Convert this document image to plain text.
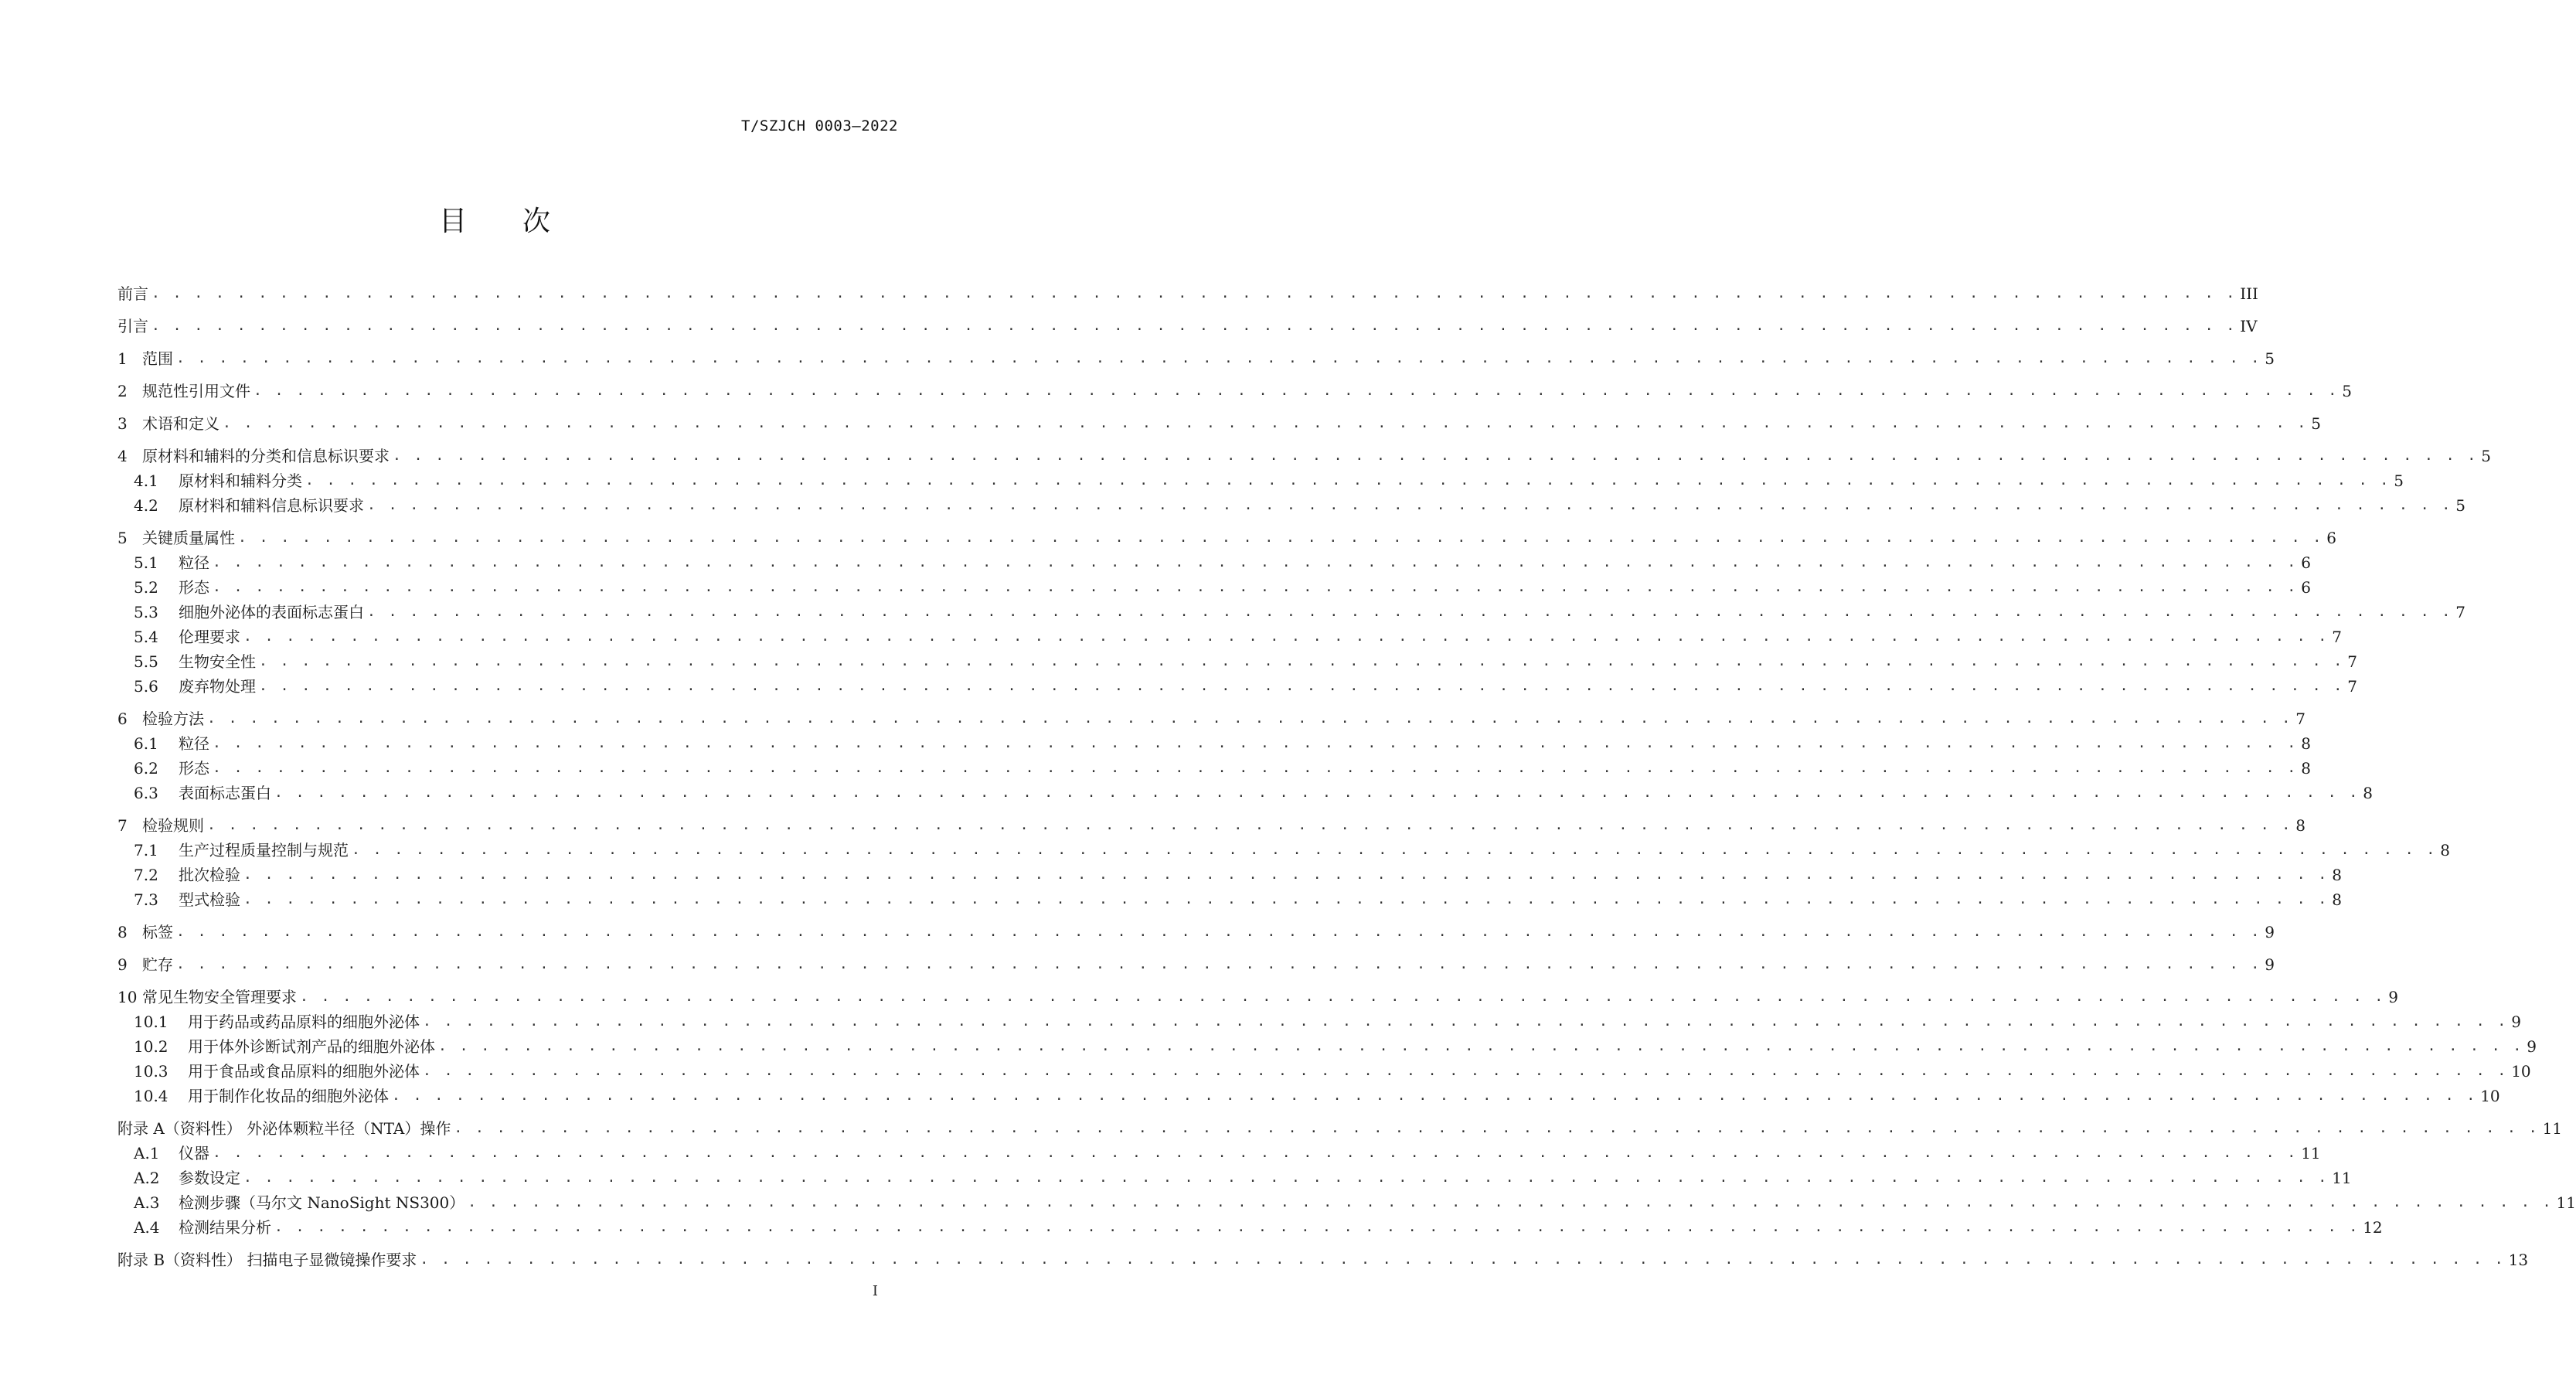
T/SZJCH 0003—2022
目次
前言 . . . . . . . . . . . . . . . . . . . . . . . . . . . . . . . . . . . . . . . . . . . . . . . . . . . . . . . . . . . . . . . . . . . . . . . . . . . . . . . . . . . . . . . . . . . . . . . . . . III
引言 . . . . . . . . . . . . . . . . . . . . . . . . . . . . . . . . . . . . . . . . . . . . . . . . . . . . . . . . . . . . . . . . . . . . . . . . . . . . . . . . . . . . . . . . . . . . . . . . . . IV
1 范围 . . . . . . . . . . . . . . . . . . . . . . . . . . . . . . . . . . . . . . . . . . . . . . . . . . . . . . . . . . . . . . . . . . . . . . . . . . . . . . . . . . . . . . . . . . . . . . . . . . 5
2 规范性引用文件 . . . . . . . . . . . . . . . . . . . . . . . . . . . . . . . . . . . . . . . . . . . . . . . . . . . . . . . . . . . . . . . . . . . . . . . . . . . . . . . . . . . . . . . . . . . . . . . . . . 5
3 术语和定义 . . . . . . . . . . . . . . . . . . . . . . . . . . . . . . . . . . . . . . . . . . . . . . . . . . . . . . . . . . . . . . . . . . . . . . . . . . . . . . . . . . . . . . . . . . . . . . . . . . 5
4 原材料和辅料的分类和信息标识要求 . . . . . . . . . . . . . . . . . . . . . . . . . . . . . . . . . . . . . . . . . . . . . . . . . . . . . . . . . . . . . . . . . . . . . . . . . . . . . . . . . . . . . . . . . . . . . . . . . . 5
4.1	原材料和辅料分类 . . . . . . . . . . . . . . . . . . . . . . . . . . . . . . . . . . . . . . . . . . . . . . . . . . . . . . . . . . . . . . . . . . . . . . . . . . . . . . . . . . . . . . . . . . . . . . . . . . 5
4.2	原材料和辅料信息标识要求 . . . . . . . . . . . . . . . . . . . . . . . . . . . . . . . . . . . . . . . . . . . . . . . . . . . . . . . . . . . . . . . . . . . . . . . . . . . . . . . . . . . . . . . . . . . . . . . . . . 5
5 关键质量属性 . . . . . . . . . . . . . . . . . . . . . . . . . . . . . . . . . . . . . . . . . . . . . . . . . . . . . . . . . . . . . . . . . . . . . . . . . . . . . . . . . . . . . . . . . . . . . . . . . . 6
5.1	粒径 . . . . . . . . . . . . . . . . . . . . . . . . . . . . . . . . . . . . . . . . . . . . . . . . . . . . . . . . . . . . . . . . . . . . . . . . . . . . . . . . . . . . . . . . . . . . . . . . . . 6
5.2	形态 . . . . . . . . . . . . . . . . . . . . . . . . . . . . . . . . . . . . . . . . . . . . . . . . . . . . . . . . . . . . . . . . . . . . . . . . . . . . . . . . . . . . . . . . . . . . . . . . . . 6
5.3	细胞外泌体的表面标志蛋白 . . . . . . . . . . . . . . . . . . . . . . . . . . . . . . . . . . . . . . . . . . . . . . . . . . . . . . . . . . . . . . . . . . . . . . . . . . . . . . . . . . . . . . . . . . . . . . . . . . 7
5.4	伦理要求 . . . . . . . . . . . . . . . . . . . . . . . . . . . . . . . . . . . . . . . . . . . . . . . . . . . . . . . . . . . . . . . . . . . . . . . . . . . . . . . . . . . . . . . . . . . . . . . . . . 7
5.5	生物安全性 . . . . . . . . . . . . . . . . . . . . . . . . . . . . . . . . . . . . . . . . . . . . . . . . . . . . . . . . . . . . . . . . . . . . . . . . . . . . . . . . . . . . . . . . . . . . . . . . . . 7
5.6	废弃物处理 . . . . . . . . . . . . . . . . . . . . . . . . . . . . . . . . . . . . . . . . . . . . . . . . . . . . . . . . . . . . . . . . . . . . . . . . . . . . . . . . . . . . . . . . . . . . . . . . . . 7
6 检验方法 . . . . . . . . . . . . . . . . . . . . . . . . . . . . . . . . . . . . . . . . . . . . . . . . . . . . . . . . . . . . . . . . . . . . . . . . . . . . . . . . . . . . . . . . . . . . . . . . . . 7
6.1	粒径 . . . . . . . . . . . . . . . . . . . . . . . . . . . . . . . . . . . . . . . . . . . . . . . . . . . . . . . . . . . . . . . . . . . . . . . . . . . . . . . . . . . . . . . . . . . . . . . . . . 8
6.2	形态 . . . . . . . . . . . . . . . . . . . . . . . . . . . . . . . . . . . . . . . . . . . . . . . . . . . . . . . . . . . . . . . . . . . . . . . . . . . . . . . . . . . . . . . . . . . . . . . . . . 8
6.3	表面标志蛋白 . . . . . . . . . . . . . . . . . . . . . . . . . . . . . . . . . . . . . . . . . . . . . . . . . . . . . . . . . . . . . . . . . . . . . . . . . . . . . . . . . . . . . . . . . . . . . . . . . . 8
7 检验规则 . . . . . . . . . . . . . . . . . . . . . . . . . . . . . . . . . . . . . . . . . . . . . . . . . . . . . . . . . . . . . . . . . . . . . . . . . . . . . . . . . . . . . . . . . . . . . . . . . . 8
7.1	生产过程质量控制与规范 . . . . . . . . . . . . . . . . . . . . . . . . . . . . . . . . . . . . . . . . . . . . . . . . . . . . . . . . . . . . . . . . . . . . . . . . . . . . . . . . . . . . . . . . . . . . . . . . . . 8
7.2	批次检验 . . . . . . . . . . . . . . . . . . . . . . . . . . . . . . . . . . . . . . . . . . . . . . . . . . . . . . . . . . . . . . . . . . . . . . . . . . . . . . . . . . . . . . . . . . . . . . . . . . 8
7.3	型式检验 . . . . . . . . . . . . . . . . . . . . . . . . . . . . . . . . . . . . . . . . . . . . . . . . . . . . . . . . . . . . . . . . . . . . . . . . . . . . . . . . . . . . . . . . . . . . . . . . . . 8
8 标签 . . . . . . . . . . . . . . . . . . . . . . . . . . . . . . . . . . . . . . . . . . . . . . . . . . . . . . . . . . . . . . . . . . . . . . . . . . . . . . . . . . . . . . . . . . . . . . . . . . 9
9 贮存 . . . . . . . . . . . . . . . . . . . . . . . . . . . . . . . . . . . . . . . . . . . . . . . . . . . . . . . . . . . . . . . . . . . . . . . . . . . . . . . . . . . . . . . . . . . . . . . . . . 9
10 常见生物安全管理要求 . . . . . . . . . . . . . . . . . . . . . . . . . . . . . . . . . . . . . . . . . . . . . . . . . . . . . . . . . . . . . . . . . . . . . . . . . . . . . . . . . . . . . . . . . . . . . . . . . . 9
10.1	用于药品或药品原料的细胞外泌体 . . . . . . . . . . . . . . . . . . . . . . . . . . . . . . . . . . . . . . . . . . . . . . . . . . . . . . . . . . . . . . . . . . . . . . . . . . . . . . . . . . . . . . . . . . . . . . . . . . 9
10.2	用于体外诊断试剂产品的细胞外泌体 . . . . . . . . . . . . . . . . . . . . . . . . . . . . . . . . . . . . . . . . . . . . . . . . . . . . . . . . . . . . . . . . . . . . . . . . . . . . . . . . . . . . . . . . . . . . . . . . . . 9
10.3	用于食品或食品原料的细胞外泌体 . . . . . . . . . . . . . . . . . . . . . . . . . . . . . . . . . . . . . . . . . . . . . . . . . . . . . . . . . . . . . . . . . . . . . . . . . . . . . . . . . . . . . . . . . . . . . . . . . . 10
10.4	用于制作化妆品的细胞外泌体 . . . . . . . . . . . . . . . . . . . . . . . . . . . . . . . . . . . . . . . . . . . . . . . . . . . . . . . . . . . . . . . . . . . . . . . . . . . . . . . . . . . . . . . . . . . . . . . . . . 10
附录 A（资料性） 外泌体颗粒半径（NTA）操作 . . . . . . . . . . . . . . . . . . . . . . . . . . . . . . . . . . . . . . . . . . . . . . . . . . . . . . . . . . . . . . . . . . . . . . . . . . . . . . . . . . . . . . . . . . . . . . . . . . 11
A.1	仪器 . . . . . . . . . . . . . . . . . . . . . . . . . . . . . . . . . . . . . . . . . . . . . . . . . . . . . . . . . . . . . . . . . . . . . . . . . . . . . . . . . . . . . . . . . . . . . . . . . . 11
A.2	参数设定 . . . . . . . . . . . . . . . . . . . . . . . . . . . . . . . . . . . . . . . . . . . . . . . . . . . . . . . . . . . . . . . . . . . . . . . . . . . . . . . . . . . . . . . . . . . . . . . . . . 11
A.3	检测步骤（马尔文 NanoSight NS300） . . . . . . . . . . . . . . . . . . . . . . . . . . . . . . . . . . . . . . . . . . . . . . . . . . . . . . . . . . . . . . . . . . . . . . . . . . . . . . . . . . . . . . . . . . . . . . . . . . 11
A.4	检测结果分析 . . . . . . . . . . . . . . . . . . . . . . . . . . . . . . . . . . . . . . . . . . . . . . . . . . . . . . . . . . . . . . . . . . . . . . . . . . . . . . . . . . . . . . . . . . . . . . . . . . 12
附录 B（资料性） 扫描电子显微镜操作要求 . . . . . . . . . . . . . . . . . . . . . . . . . . . . . . . . . . . . . . . . . . . . . . . . . . . . . . . . . . . . . . . . . . . . . . . . . . . . . . . . . . . . . . . . . . . . . . . . . . 13
I
